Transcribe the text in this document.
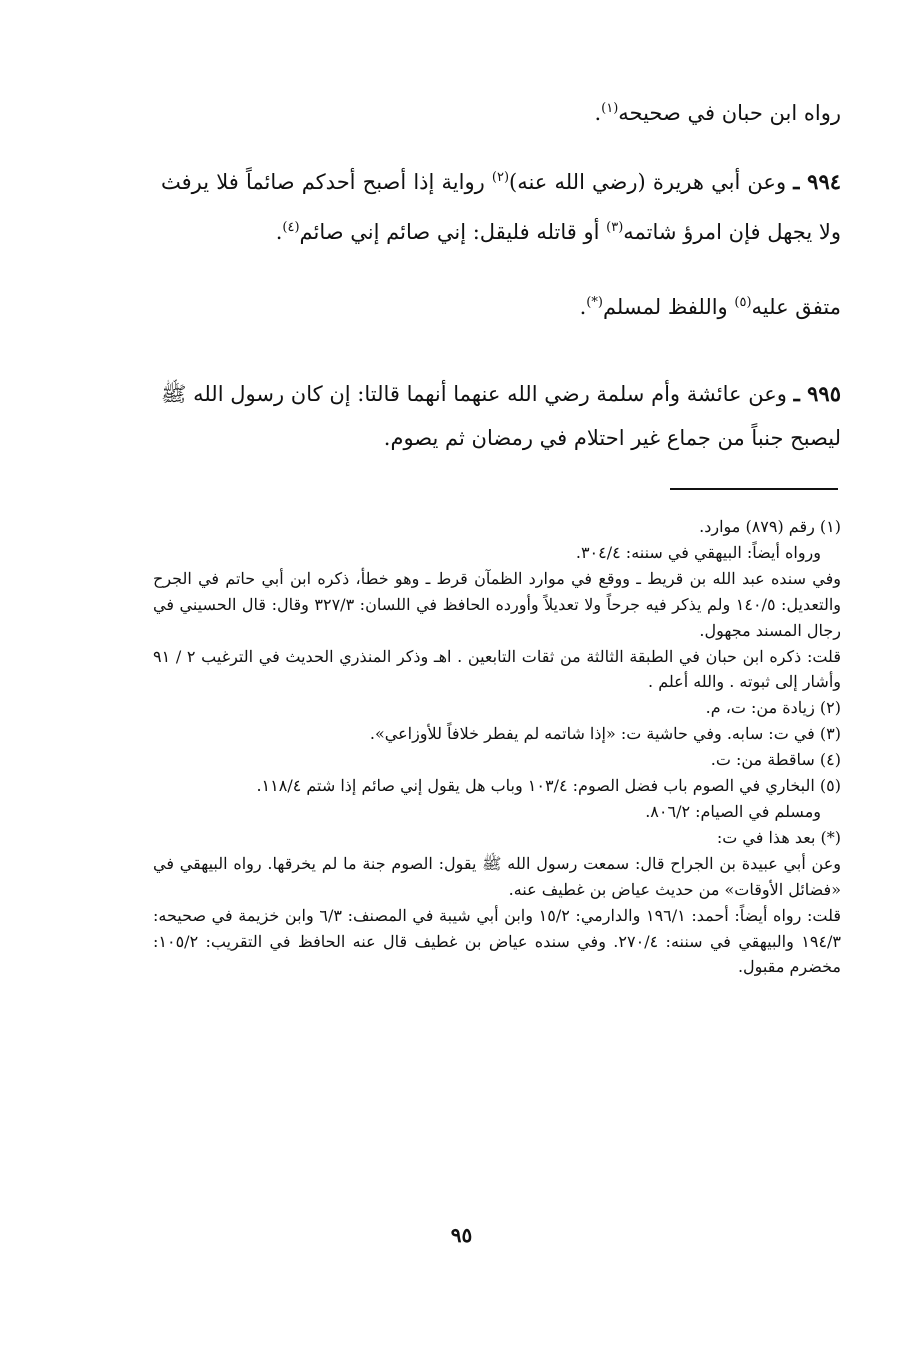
رواه ابن حبان في صحيحه$^{(١)}$.

٩٩٤ ـ وعن أبي هريرة (رضي الله عنه)$^{(٢)}$ رواية إذا أصبح أحدكم صائماً فلا يرفث ولا يجهل فإن امرؤ شاتمه$^{(٣)}$ أو قاتله فليقل: إني صائم إني صائم$^{(٤)}$.

متفق عليه$^{(٥)}$ واللفظ لمسلم(*).

٩٩٥ ـ وعن عائشة وأم سلمة رضي الله عنهما أنهما قالتا: إن كان رسول الله ﷺ ليصبح جنباً من جماع غير احتلام في رمضان ثم يصوم.

(١) رقم (٨٧٩) موارد.
ورواه أيضاً: البيهقي في سننه: ٣٠٤/٤.
وفي سنده عبد الله بن قريط ـ ووقع في موارد الظمآن قرط ـ وهو خطأ، ذكره ابن أبي حاتم في الجرح والتعديل: ١٤٠/٥ ولم يذكر فيه جرحاً ولا تعديلاً وأورده الحافظ في اللسان: ٣٢٧/٣ وقال: قال الحسيني في رجال المسند مجهول.
قلت: ذكره ابن حبان في الطبقة الثالثة من ثقات التابعين . اهـ وذكر المنذري الحديث في الترغيب ٢ / ٩١ وأشار إلى ثبوته . والله أعلم .
(٢) زيادة من: ت، م.
(٣) في ت: سابه. وفي حاشية ت: «إذا شاتمه لم يفطر خلافاً للأوزاعي».
(٤) ساقطة من: ت.
(٥) البخاري في الصوم باب فضل الصوم: ١٠٣/٤ وباب هل يقول إني صائم إذا شتم ١١٨/٤.
ومسلم في الصيام: ٨٠٦/٢.
(*) بعد هذا في ت:
وعن أبي عبيدة بن الجراح قال: سمعت رسول الله ﷺ يقول: الصوم جنة ما لم يخرقها. رواه البيهقي في «فضائل الأوقات» من حديث عياض بن غطيف عنه.
قلت: رواه أيضاً: أحمد: ١٩٦/١ والدارمي: ١٥/٢ وابن أبي شيبة في المصنف: ٦/٣ وابن خزيمة في صحيحه: ١٩٤/٣ والبيهقي في سننه: ٢٧٠/٤. وفي سنده عياض بن غطيف قال عنه الحافظ في التقريب: ١٠٥/٢: مخضرم مقبول.
٩٥
